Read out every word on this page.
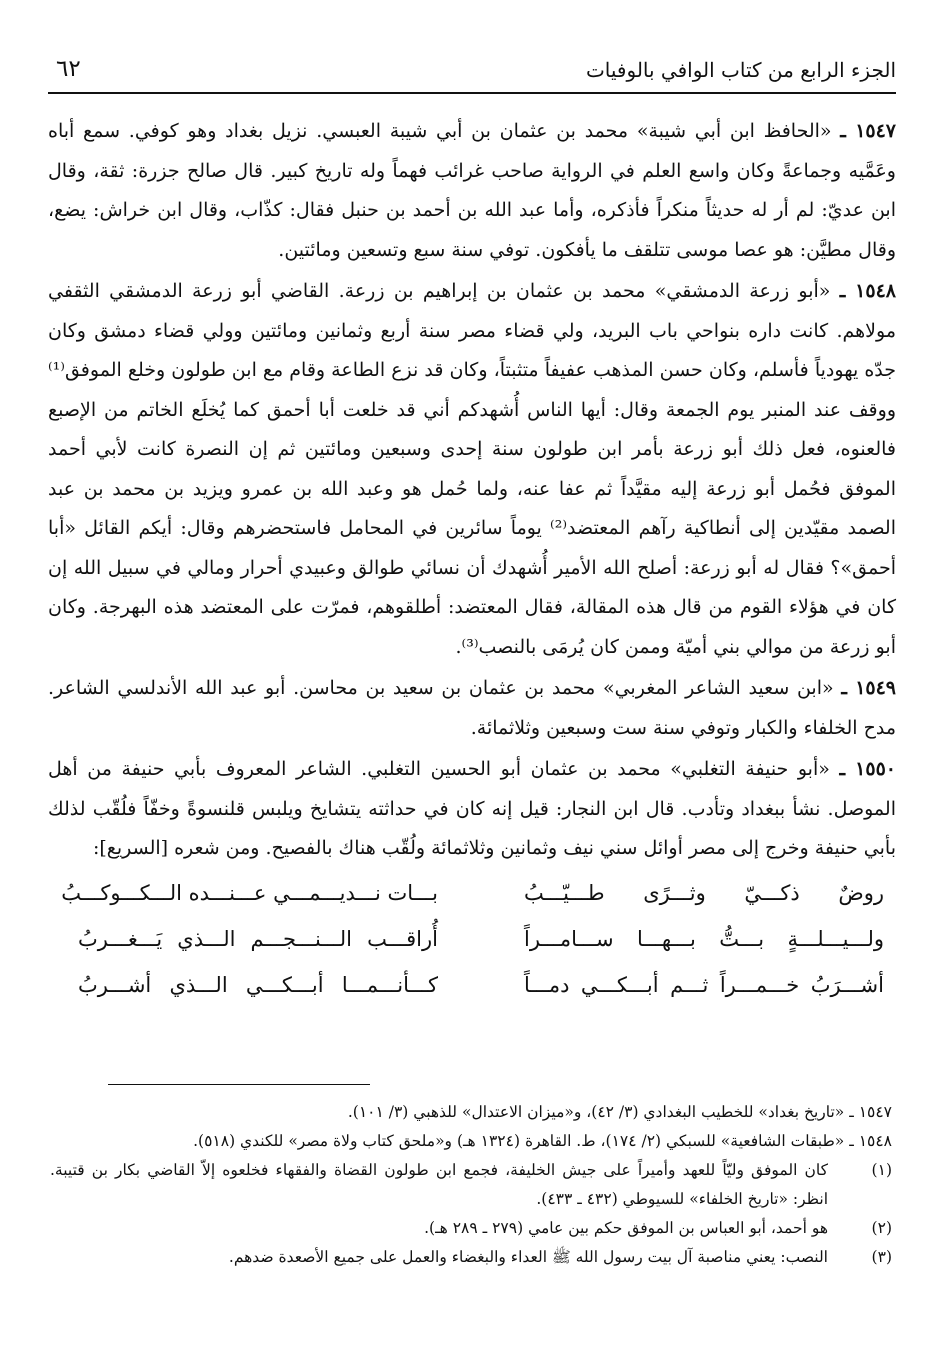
الجزء الرابع من كتاب الوافي بالوفيات
٦٢

١٥٤٧ ـ «الحافظ ابن أبي شيبة» محمد بن عثمان بن أبي شيبة العبسي. نزيل بغداد وهو كوفي. سمع أباه وعَمَّيه وجماعةً وكان واسع العلم في الرواية صاحب غرائب فهماً وله تاريخ كبير. قال صالح جزرة: ثقة، وقال ابن عديّ: لم أر له حديثاً منكراً فأذكره، وأما عبد الله بن أحمد بن حنبل فقال: كذّاب، وقال ابن خراش: يضع، وقال مطيَّن: هو عصا موسى تتلقف ما يأفكون. توفي سنة سبع وتسعين ومائتين.

١٥٤٨ ـ «أبو زرعة الدمشقي» محمد بن عثمان بن إبراهيم بن زرعة. القاضي أبو زرعة الدمشقي الثقفي مولاهم. كانت داره بنواحي باب البريد، ولي قضاء مصر سنة أربع وثمانين ومائتين وولي قضاء دمشق وكان جدّه يهودياً فأسلم، وكان حسن المذهب عفيفاً متثبتاً، وكان قد نزع الطاعة وقام مع ابن طولون وخلع الموفق⁽¹⁾ ووقف عند المنبر يوم الجمعة وقال: أيها الناس أُشهدكم أني قد خلعت أبا أحمق كما يُخلَع الخاتم من الإصبع فالعنوه، فعل ذلك أبو زرعة بأمر ابن طولون سنة إحدى وسبعين ومائتين ثم إن النصرة كانت لأبي أحمد الموفق فحُمل أبو زرعة إليه مقيَّداً ثم عفا عنه، ولما حُمل هو وعبد الله بن عمرو ويزيد بن محمد بن عبد الصمد مقيّدين إلى أنطاكية رآهم المعتضد⁽²⁾ يوماً سائرين في المحامل فاستحضرهم وقال: أيكم القائل «أبا أحمق»؟ فقال له أبو زرعة: أصلح الله الأمير أُشهدك أن نسائي طوالق وعبيدي أحرار ومالي في سبيل الله إن كان في هؤلاء القوم من قال هذه المقالة، فقال المعتضد: أطلقوهم، فمرّت على المعتضد هذه البهرجة. وكان أبو زرعة من موالي بني أميّة وممن كان يُرمَى بالنصب⁽³⁾.

١٥٤٩ ـ «ابن سعيد الشاعر المغربي» محمد بن عثمان بن سعيد بن محاسن. أبو عبد الله الأندلسي الشاعر. مدح الخلفاء والكبار وتوفي سنة ست وسبعين وثلاثمائة.

١٥٥٠ ـ «أبو حنيفة التغلبي» محمد بن عثمان أبو الحسين التغلبي. الشاعر المعروف بأبي حنيفة من أهل الموصل. نشأ ببغداد وتأدب. قال ابن النجار: قيل إنه كان في حداثته يتشايخ ويلبس قلنسوةً وخفّاً فلُقّب لذلك بأبي حنيفة وخرج إلى مصر أوائل سني نيف وثمانين وثلاثمائة ولُقّب هناك بالفصيح. ومن شعره [السريع]:

روضٌ ذكـــيّ وثـــرًى طـــيّـــبُ
بـــات نـــديـــمـــي عـــنـــده الـــكـــوكـــبُ
ولـــيـــلـــةٍ بـــتُّ بـــهـــا ســـامـــراً
أُراقـــب الـــنـــجـــم الـــذي يَـــغـــربُ
أشـــرَبُ خـــمـــراً ثـــم أبـــكـــي دمـــاً
كـــأنـــمـــا أبـــكـــي الـــذي أشـــربُ

١٥٤٧ ـ «تاريخ بغداد» للخطيب البغدادي (٣/ ٤٢)، و«ميزان الاعتدال» للذهبي (٣/ ١٠١).

١٥٤٨ ـ «طبقات الشافعية» للسبكي (٢/ ١٧٤)، ط. القاهرة (١٣٢٤ هـ) و«ملحق كتاب ولاة مصر» للكندي (٥١٨).

(١)
كان الموفق وليّاً للعهد وأميراً على جيش الخليفة، فجمع ابن طولون القضاة والفقهاء فخلعوه إلاّ القاضي بكار بن قتيبة. انظر: «تاريخ الخلفاء» للسيوطي (٤٣٢ ـ ٤٣٣).
(٢)
هو أحمد، أبو العباس بن الموفق حكم بين عامي (٢٧٩ ـ ٢٨٩ هـ).
(٣)
النصب: يعني مناصبة آل بيت رسول الله ﷺ العداء والبغضاء والعمل على جميع الأصعدة ضدهم.
